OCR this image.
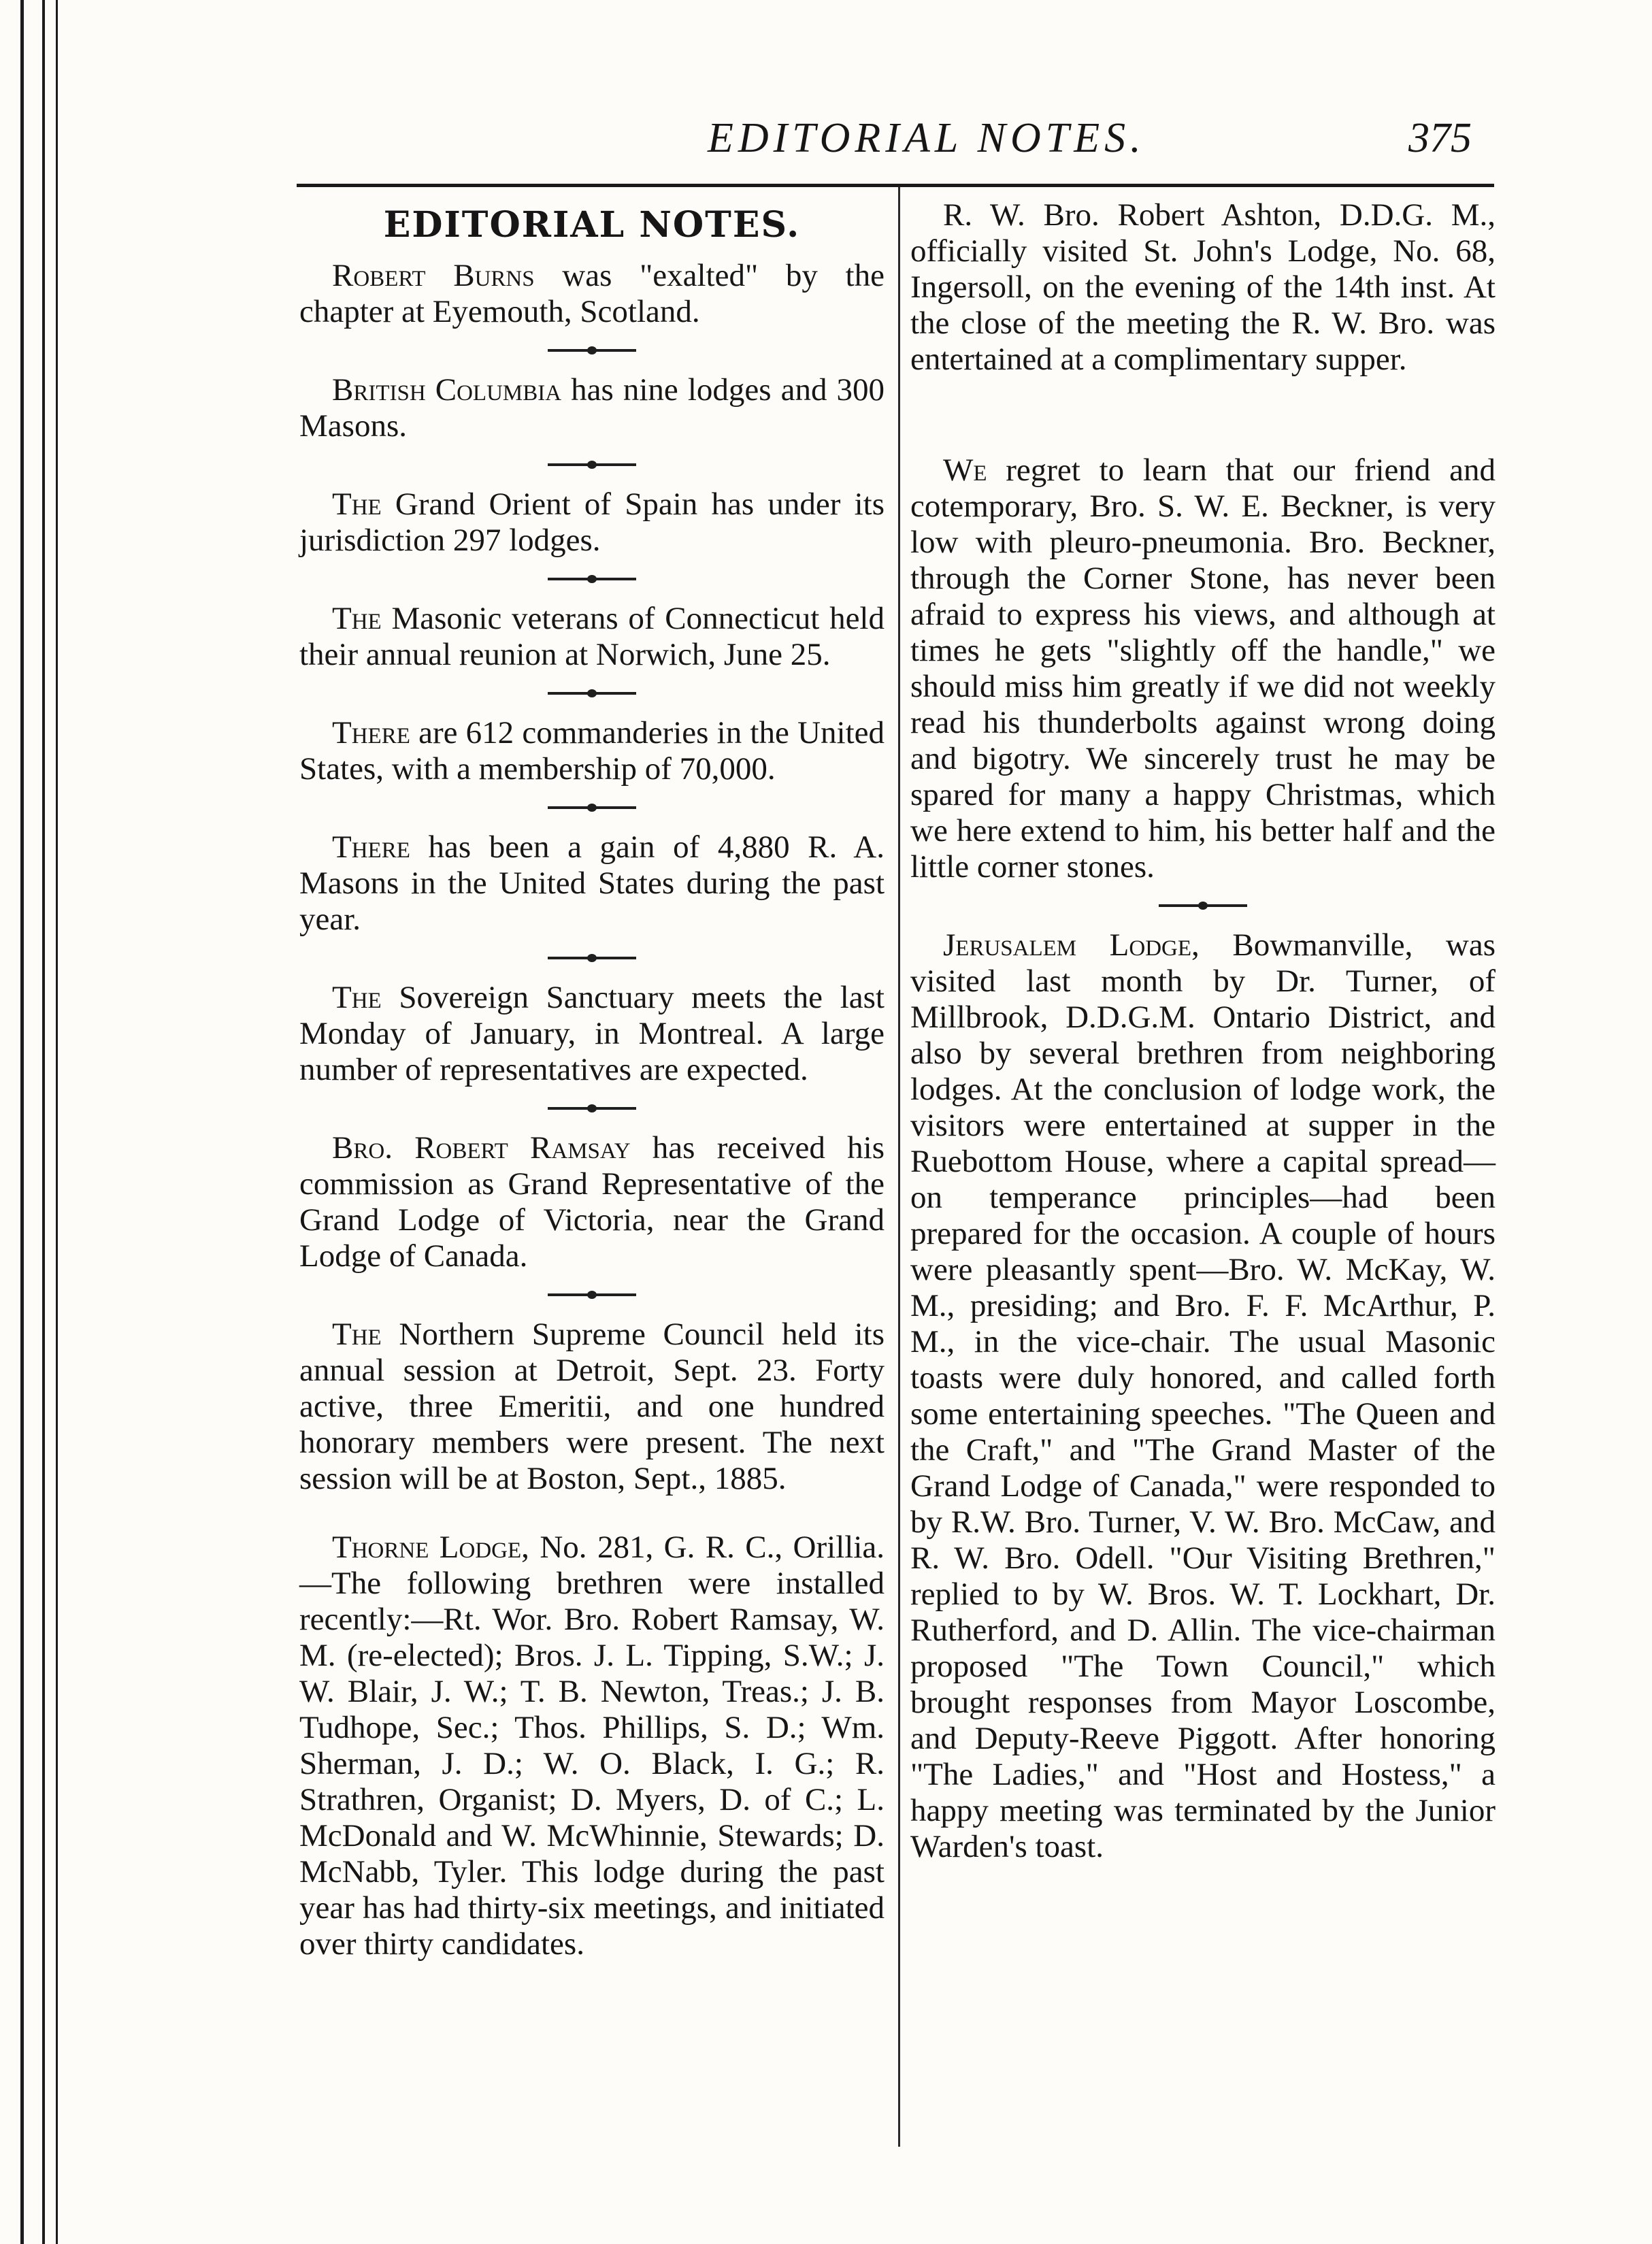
EDITORIAL NOTES.	375
EDITORIAL NOTES.

Robert Burns was "exalted" by the chapter at Eyemouth, Scotland.

British Columbia has nine lodges and 300 Masons.

The Grand Orient of Spain has under its jurisdiction 297 lodges.

The Masonic veterans of Connecticut held their annual reunion at Norwich, June 25.

There are 612 commanderies in the United States, with a membership of 70,000.

There has been a gain of 4,880 R. A. Masons in the United States during the past year.

The Sovereign Sanctuary meets the last Monday of January, in Montreal. A large number of representatives are expected.

Bro. Robert Ramsay has received his commission as Grand Representative of the Grand Lodge of Victoria, near the Grand Lodge of Canada.

The Northern Supreme Council held its annual session at Detroit, Sept. 23. Forty active, three Emeritii, and one hundred honorary members were present. The next session will be at Boston, Sept., 1885.

Thorne Lodge, No. 281, G. R. C., Orillia.—The following brethren were installed recently:—Rt. Wor. Bro. Robert Ramsay, W. M. (re-elected); Bros. J. L. Tipping, S.W.; J. W. Blair, J. W.; T. B. Newton, Treas.; J. B. Tudhope, Sec.; Thos. Phillips, S. D.; Wm. Sherman, J. D.; W. O. Black, I. G.; R. Strathren, Organist; D. Myers, D. of C.; L. McDonald and W. McWhinnie, Stewards; D. McNabb, Tyler. This lodge during the past year has had thirty-six meetings, and initiated over thirty candidates.

R. W. Bro. Robert Ashton, D.D.G. M., officially visited St. John's Lodge, No. 68, Ingersoll, on the evening of the 14th inst. At the close of the meeting the R. W. Bro. was entertained at a complimentary supper.

We regret to learn that our friend and cotemporary, Bro. S. W. E. Beckner, is very low with pleuro-pneumonia. Bro. Beckner, through the Corner Stone, has never been afraid to express his views, and although at times he gets "slightly off the handle," we should miss him greatly if we did not weekly read his thunderbolts against wrong doing and bigotry. We sincerely trust he may be spared for many a happy Christmas, which we here extend to him, his better half and the little corner stones.

Jerusalem Lodge, Bowmanville, was visited last month by Dr. Turner, of Millbrook, D.D.G.M. Ontario District, and also by several brethren from neighboring lodges. At the conclusion of lodge work, the visitors were entertained at supper in the Ruebottom House, where a capital spread—on temperance principles—had been prepared for the occasion. A couple of hours were pleasantly spent—Bro. W. McKay, W. M., presiding; and Bro. F. F. McArthur, P. M., in the vice-chair. The usual Masonic toasts were duly honored, and called forth some entertaining speeches. "The Queen and the Craft," and "The Grand Master of the Grand Lodge of Canada," were responded to by R.W. Bro. Turner, V. W. Bro. McCaw, and R. W. Bro. Odell. "Our Visiting Brethren," replied to by W. Bros. W. T. Lockhart, Dr. Rutherford, and D. Allin. The vice-chairman proposed "The Town Council," which brought responses from Mayor Loscombe, and Deputy-Reeve Piggott. After honoring "The Ladies," and "Host and Hostess," a happy meeting was terminated by the Junior Warden's toast.
